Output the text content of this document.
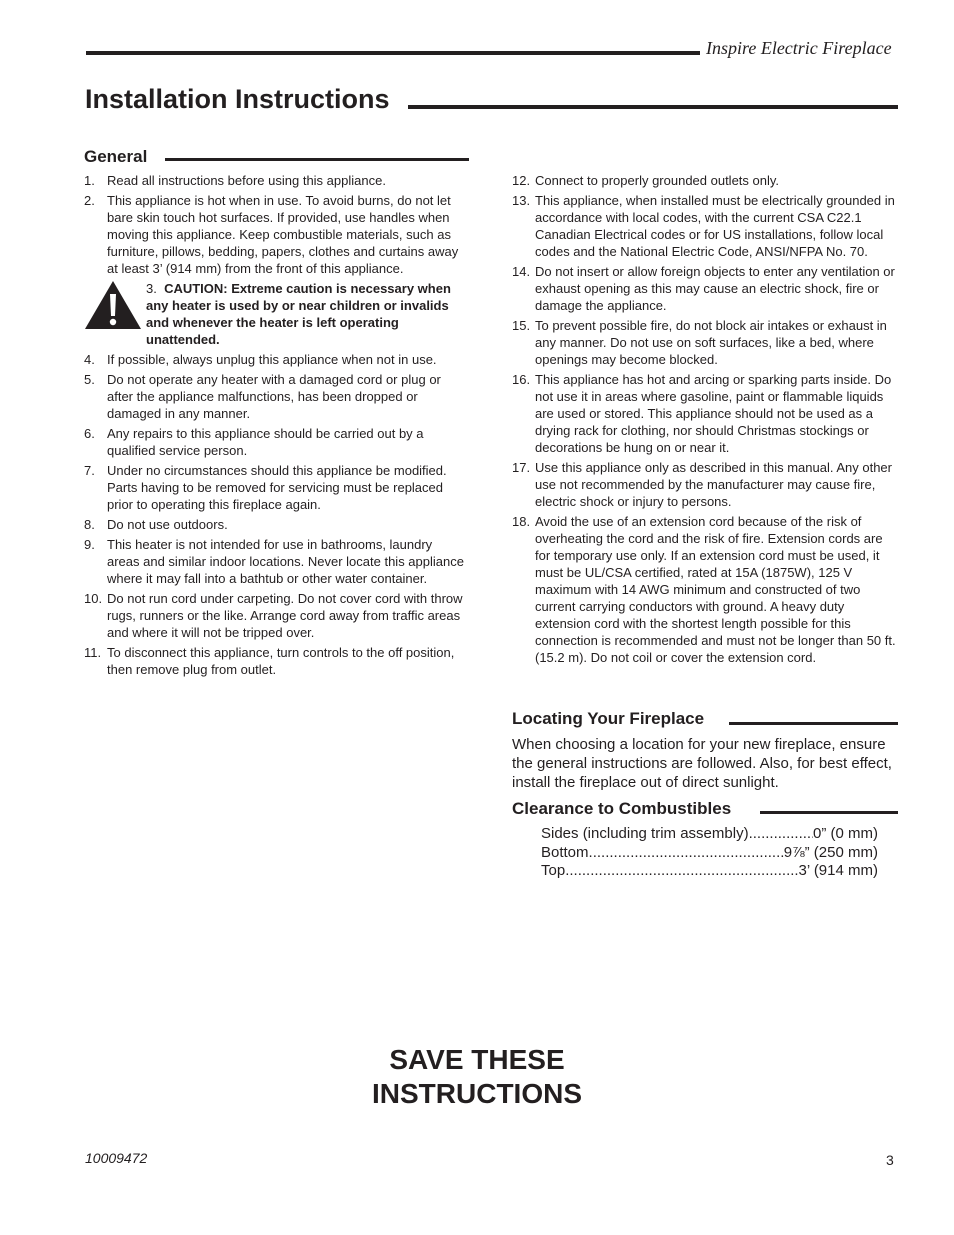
Inspire Electric Fireplace
Installation Instructions
General
1. Read all instructions before using this appliance.
2. This appliance is hot when in use. To avoid burns, do not let bare skin touch hot surfaces. If provided, use handles when moving this appliance. Keep combustible materials, such as furniture, pillows, bedding, papers, clothes and curtains away at least 3’ (914 mm) from the front of this appliance.
3. CAUTION: Extreme caution is necessary when any heater is used by or near children or invalids and whenever the heater is left operating unattended.
4. If possible, always unplug this appliance when not in use.
5. Do not operate any heater with a damaged cord or plug or after the appliance malfunctions, has been dropped or damaged in any manner.
6. Any repairs to this appliance should be carried out by a qualified service person.
7. Under no circumstances should this appliance be modified. Parts having to be removed for servicing must be replaced prior to operating this fireplace again.
8. Do not use outdoors.
9. This heater is not intended for use in bathrooms, laundry areas and similar indoor locations. Never locate this appliance where it may fall into a bathtub or other water container.
10. Do not run cord under carpeting. Do not cover cord with throw rugs, runners or the like. Arrange cord away from traffic areas and where it will not be tripped over.
11. To disconnect this appliance, turn controls to the off position, then remove plug from outlet.
12. Connect to properly grounded outlets only.
13. This appliance, when installed must be electrically grounded in accordance with local codes, with the current CSA C22.1 Canadian Electrical codes or for US installations, follow local codes and the National Electric Code, ANSI/NFPA No. 70.
14. Do not insert or allow foreign objects to enter any ventilation or exhaust opening as this may cause an electric shock, fire or damage the appliance.
15. To prevent possible fire, do not block air intakes or exhaust in any manner. Do not use on soft surfaces, like a bed, where openings may become blocked.
16. This appliance has hot and arcing or sparking parts inside. Do not use it in areas where gasoline, paint or flammable liquids are used or stored. This appliance should not be used as a drying rack for clothing, nor should Christmas stockings or decorations be hung on or near it.
17. Use this appliance only as described in this manual. Any other use not recommended by the manufacturer may cause fire, electric shock or injury to persons.
18. Avoid the use of an extension cord because of the risk of overheating the cord and the risk of fire. Extension cords are for temporary use only. If an extension cord must be used, it must be UL/CSA certified, rated at 15A (1875W), 125 V maximum with 14 AWG minimum and constructed of two current carrying conductors with ground. A heavy duty extension cord with the shortest length possible for this connection is recommended and must not be longer than 50 ft. (15.2 m). Do not coil or cover the extension cord.
Locating Your Fireplace
When choosing a location for your new fireplace, ensure the general instructions are followed. Also, for best effect, install the fireplace out of direct sunlight.
Clearance to Combustibles
Sides (including trim assembly) .....	0” (0 mm)
Bottom .....	9⅞” (250 mm)
Top .....	3’ (914 mm)
SAVE THESE
INSTRUCTIONS
10009472	3
